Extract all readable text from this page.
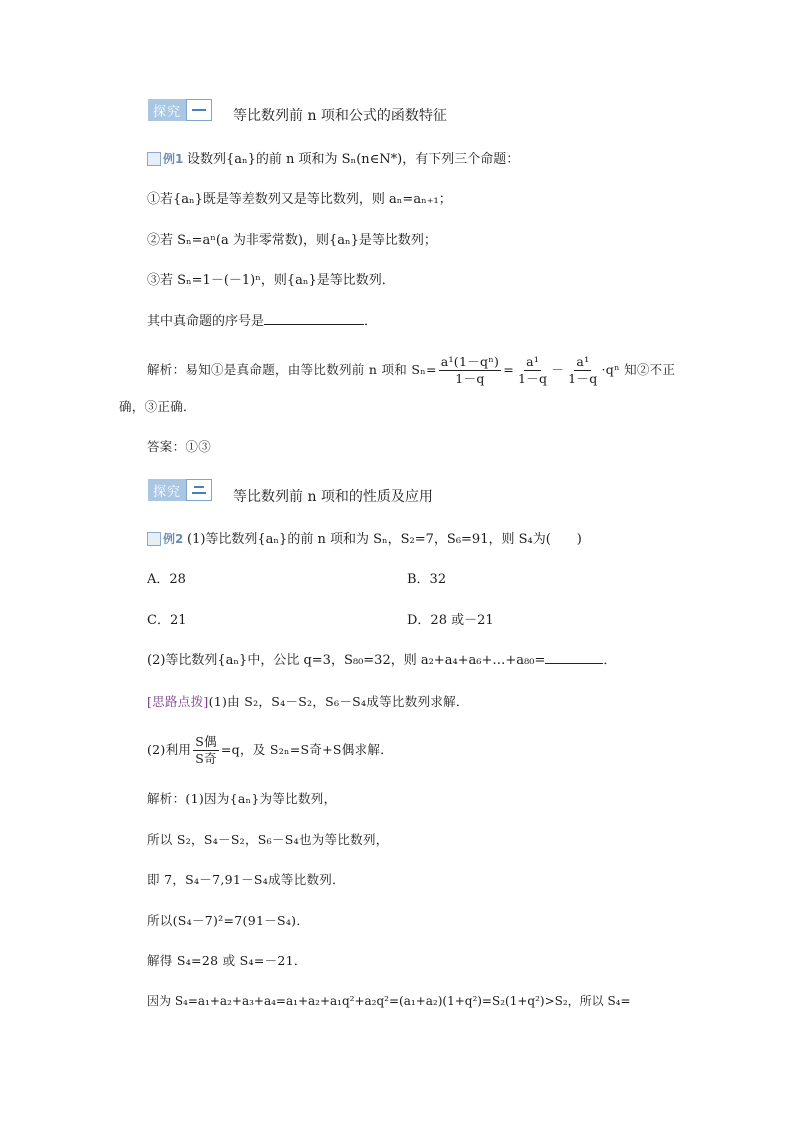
探究	等比数列前 n 项和公式的函数特征
例1 设数列{aₙ}的前 n 项和为 Sₙ(n∈N*)，有下列三个命题：
①若{aₙ}既是等差数列又是等比数列，则 aₙ=aₙ₊₁；
②若 Sₙ=aⁿ(a 为非零常数)，则{aₙ}是等比数列；
③若 Sₙ=1－(－1)ⁿ，则{aₙ}是等比数列．
其中真命题的序号是	．
解析：易知①是真命题，由等比数列前 n 项和 $S_n= \frac{\text{a¹(1－qⁿ)}}{1-q} = \frac{\text{a¹}}{1-q} - \frac{\text{a¹}}{1-q} \cdot q^n$ 知②不正
确，③正确．
答案：①③
探究	等比数列前 n 项和的性质及应用
例2 (1)等比数列{aₙ}的前 n 项和为 Sₙ，S₂=7，S₆=91，则 S₄为(　　)
A．28	B．32
C．21	D．28 或－21
(2)等比数列{aₙ}中，公比 q=3，S₈₀=32，则 a₂+a₄+a₆+…+a₈₀=	．
[思路点拨](1)由 S₂，S₄－S₂，S₆－S₄成等比数列求解．
(2)利用 $\frac{\text{S偶}}{\text{S奇}} =q$，及 S₂ₙ=S奇+S偶求解．
解析：(1)因为{aₙ}为等比数列，
所以 S₂，S₄－S₂，S₆－S₄也为等比数列，
即 7，S₄－7,91－S₄成等比数列．
所以(S₄－7)²=7(91－S₄)．
解得 S₄=28 或 S₄=－21．
因为 S₄=a₁+a₂+a₃+a₄=a₁+a₂+a₁q²+a₂q²=(a₁+a₂)(1+q²)=S₂(1+q²)>S₂，所以 S₄=
